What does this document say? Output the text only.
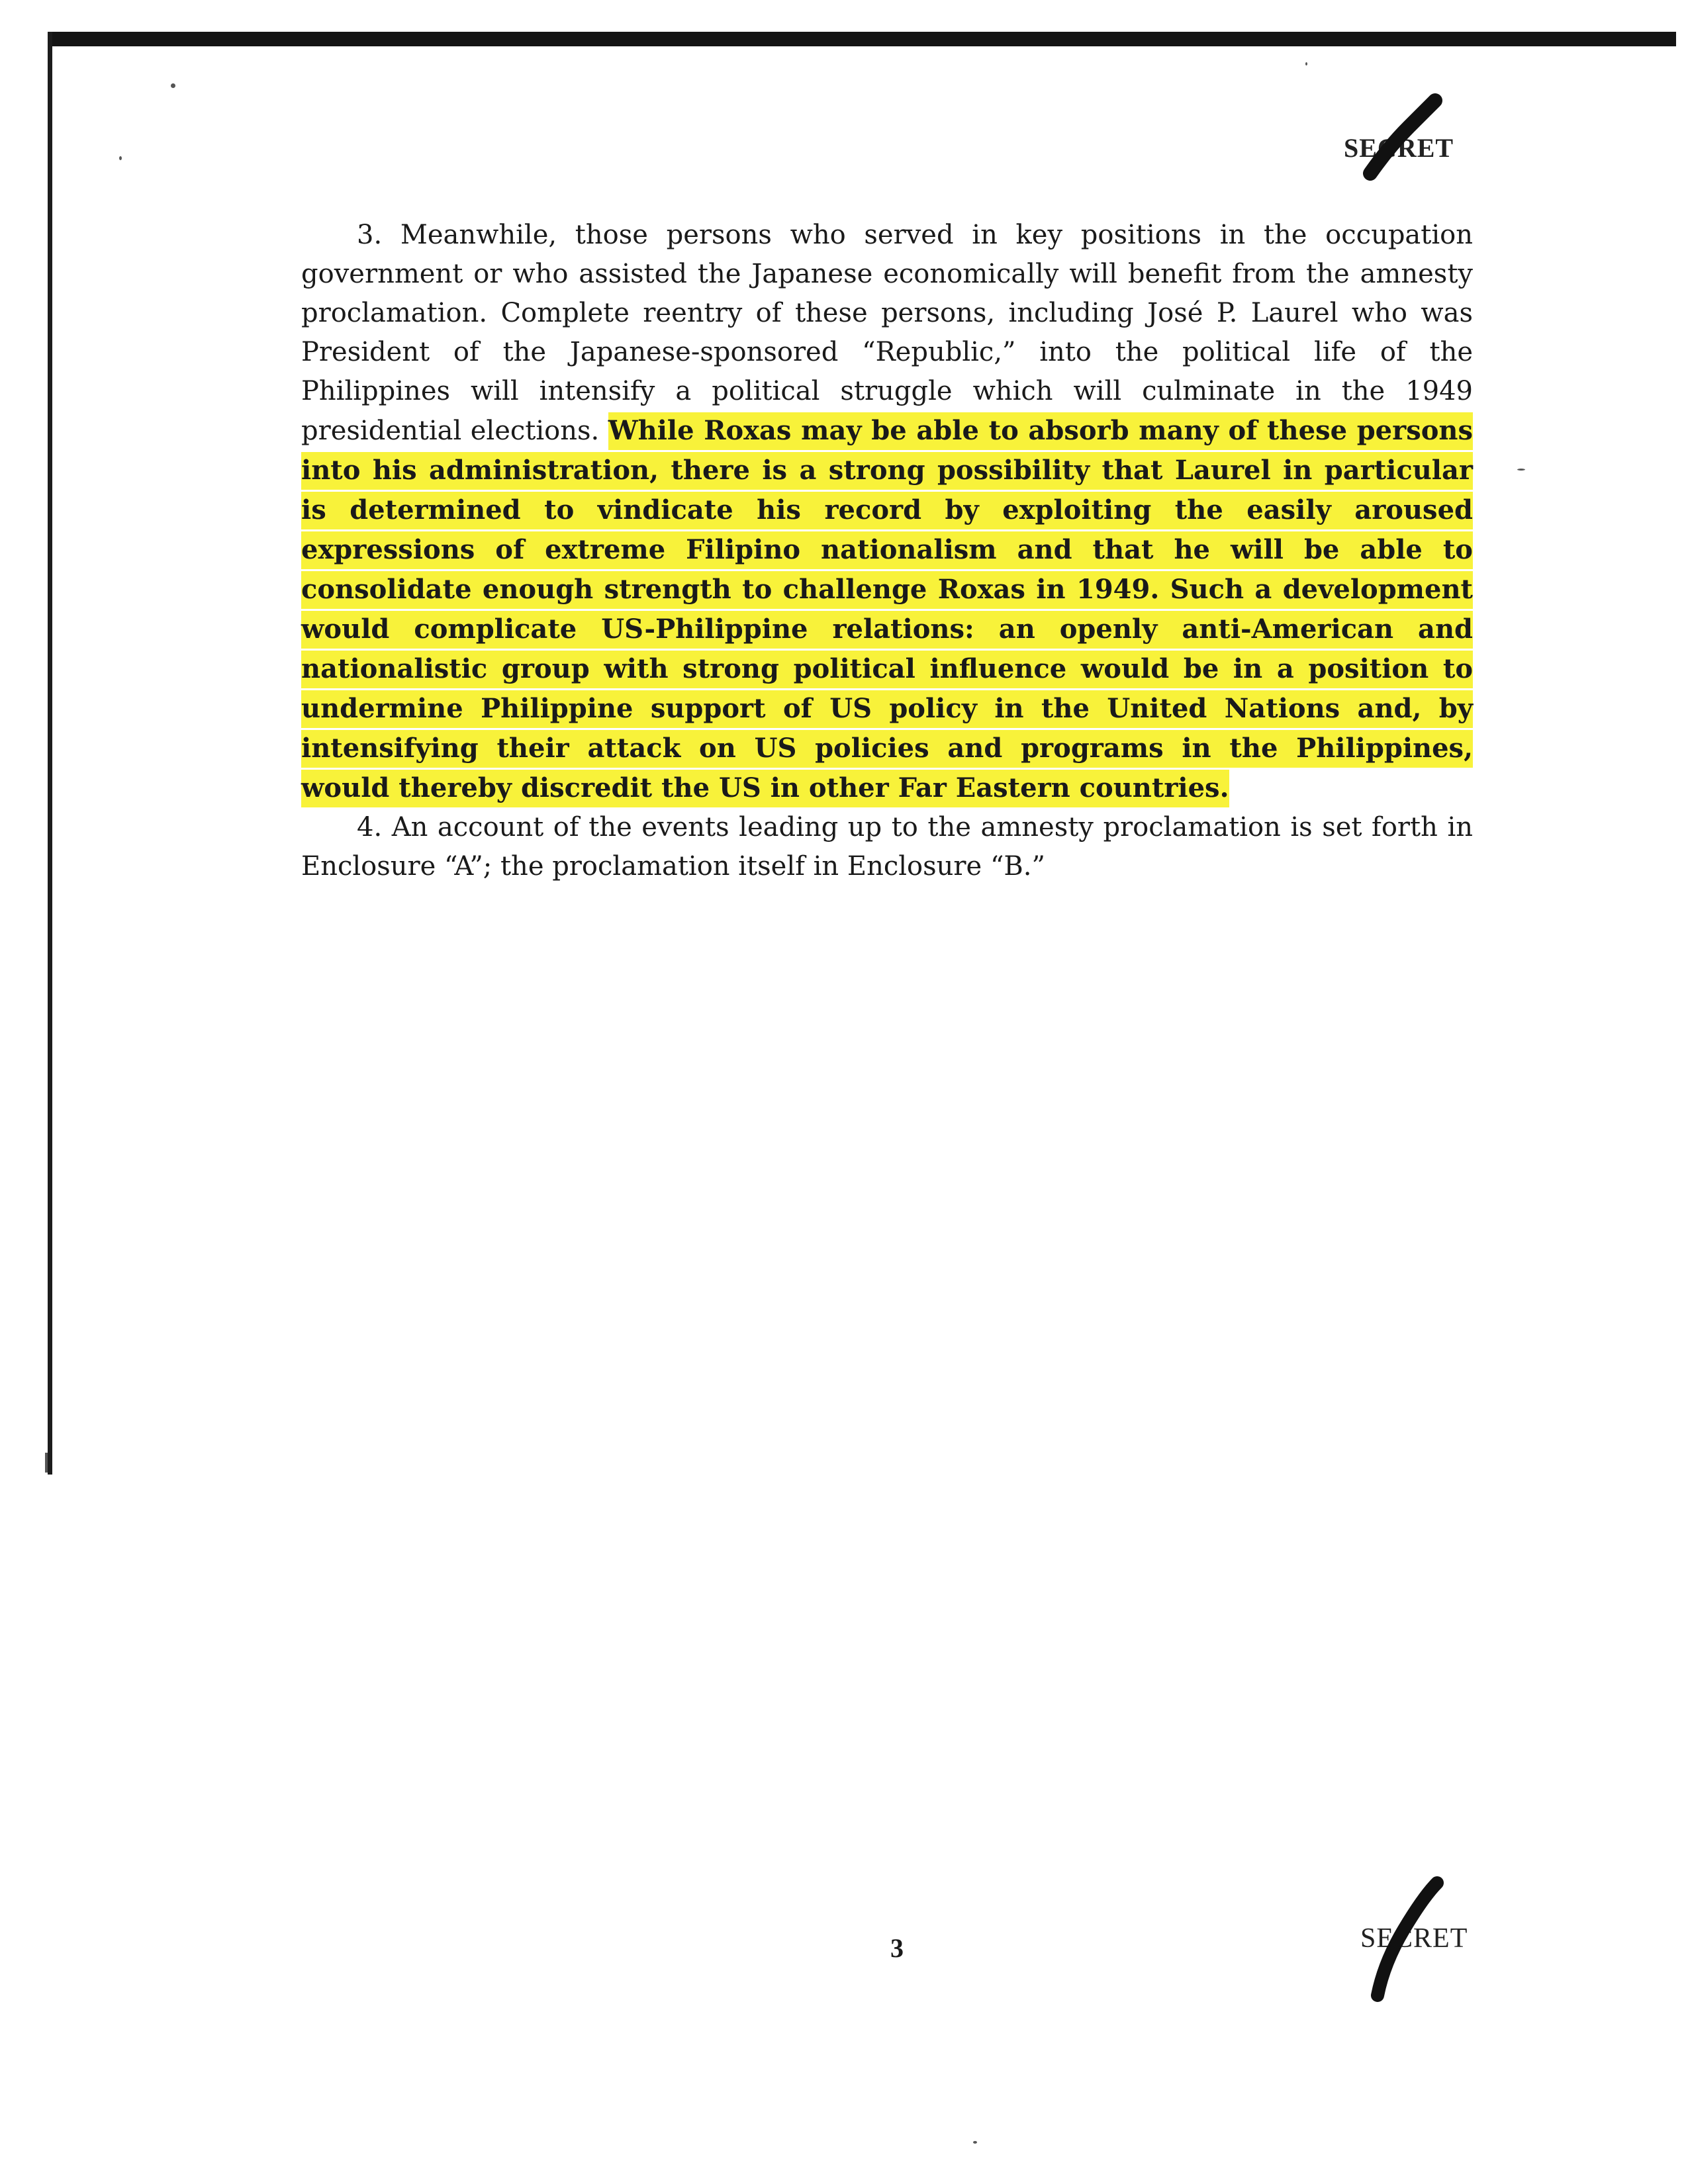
SECRET

3. Meanwhile, those persons who served in key positions in the occupation government or who assisted the Japanese economically will benefit from the amnesty proclamation. Complete reentry of these persons, including José P. Laurel who was President of the Japanese-sponsored “Republic,” into the political life of the Philippines will intensify a political struggle which will culminate in the 1949 presidential elections. While Roxas may be able to absorb many of these persons into his administration, there is a strong possibility that Laurel in particular is determined to vindicate his record by exploiting the easily aroused expressions of extreme Filipino nationalism and that he will be able to consolidate enough strength to challenge Roxas in 1949. Such a development would complicate US-Philippine relations: an openly anti-American and nationalistic group with strong political influence would be in a position to undermine Philippine support of US policy in the United Nations and, by intensifying their attack on US policies and programs in the Philippines, would thereby discredit the US in other Far Eastern countries.

4. An account of the events leading up to the amnesty proclamation is set forth in Enclosure “A”; the proclamation itself in Enclosure “B.”

3	SECRET
